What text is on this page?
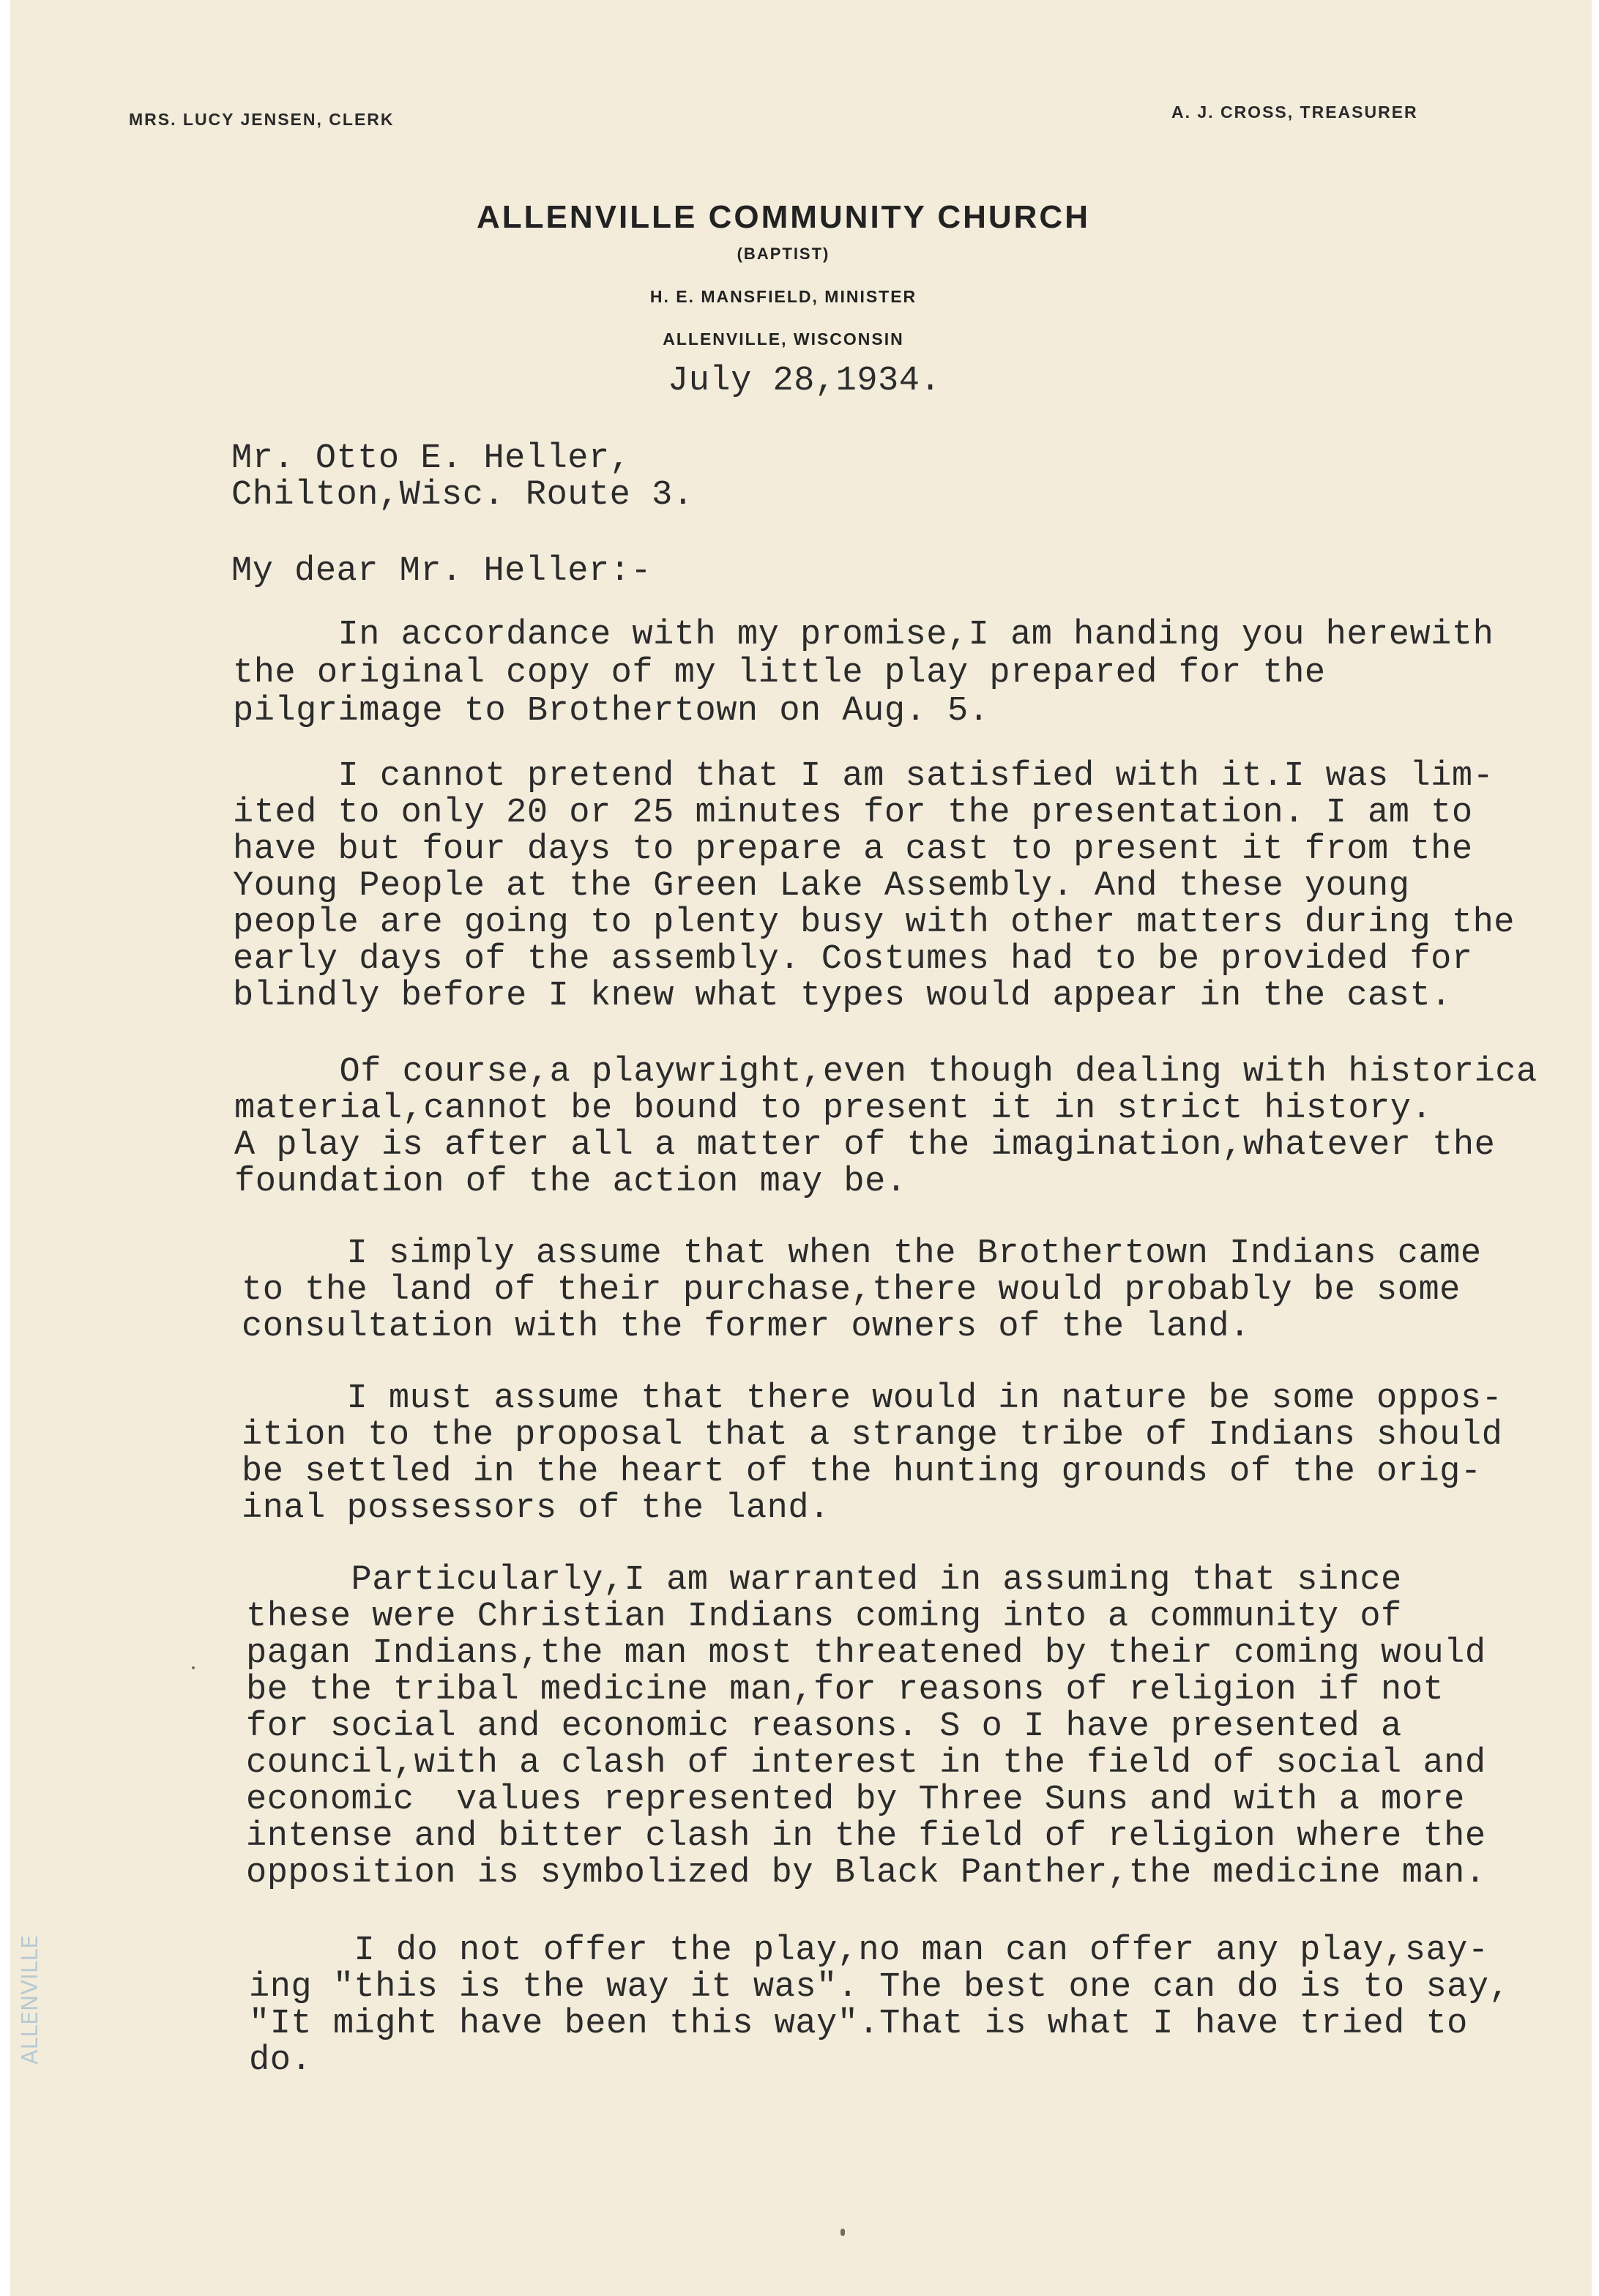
MRS. LUCY JENSEN, CLERK	A. J. CROSS, TREASURER
ALLENVILLE COMMUNITY CHURCH
(BAPTIST)
H. E. MANSFIELD, MINISTER
ALLENVILLE, WISCONSIN
July 28,1934.
Mr. Otto E. Heller,
Chilton,Wisc. Route 3.
My dear Mr. Heller:-
In accordance with my promise,I am handing you herewith
the original copy of my little play prepared for the
pilgrimage to Brothertown on Aug. 5.
I cannot pretend that I am satisfied with it.I was lim-
ited to only 20 or 25 minutes for the presentation. I am to
have but four days to prepare a cast to present it from the
Young People at the Green Lake Assembly. And these young
people are going to plenty busy with other matters during the
early days of the assembly. Costumes had to be provided for
blindly before I knew what types would appear in the cast.
Of course,a playwright,even though dealing with historica
material,cannot be bound to present it in strict history.
A play is after all a matter of the imagination,whatever the
foundation of the action may be.
I simply assume that when the Brothertown Indians came
to the land of their purchase,there would probably be some
consultation with the former owners of the land.
I must assume that there would in nature be some oppos-
ition to the proposal that a strange tribe of Indians should
be settled in the heart of the hunting grounds of the orig-
inal possessors of the land.
Particularly,I am warranted in assuming that since
these were Christian Indians coming into a community of
pagan Indians,the man most threatened by their coming would
be the tribal medicine man,for reasons of religion if not
for social and economic reasons. S o I have presented a
council,with a clash of interest in the field of social and
economic  values represented by Three Suns and with a more
intense and bitter clash in the field of religion where the
opposition is symbolized by Black Panther,the medicine man.
I do not offer the play,no man can offer any play,say-
ing "this is the way it was". The best one can do is to say,
"It might have been this way".That is what I have tried to
do.
ALLENVILLE
